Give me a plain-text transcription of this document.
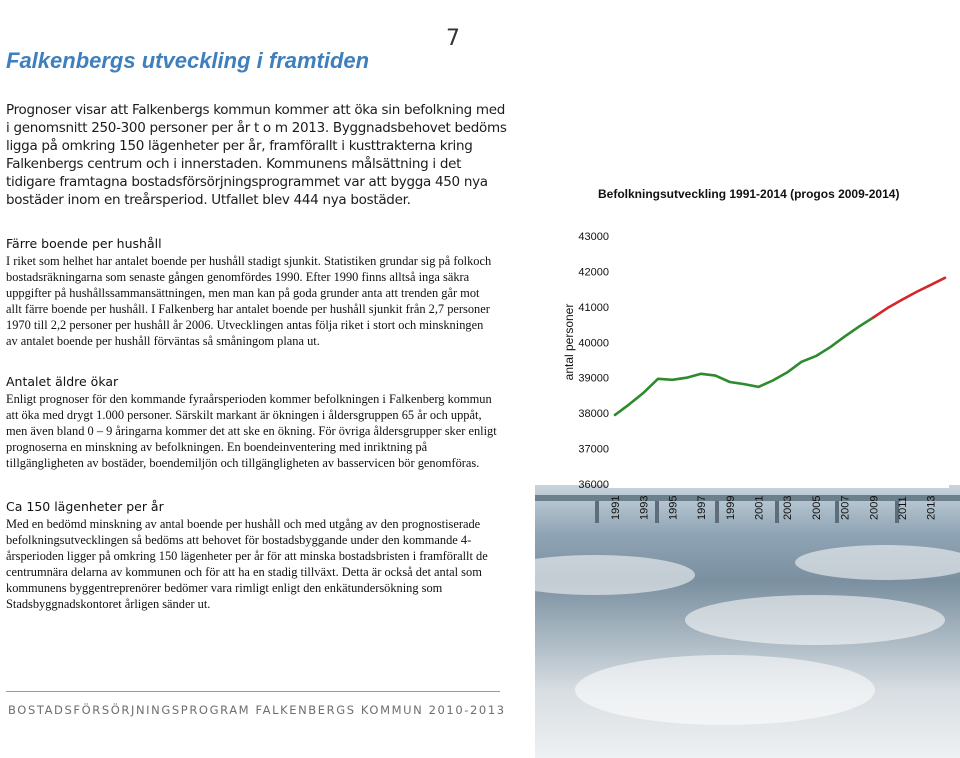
7
Falkenbergs utveckling i framtiden

Prognoser visar att Falkenbergs kommun kommer att öka sin befolkning med i genomsnitt 250-300 personer per år t o m 2013. Byggnadsbehovet bedöms ligga på omkring 150 lägenheter per år, framförallt i kusttrakterna kring Falkenbergs centrum och i innerstaden. Kommunens målsättning i det tidigare framtagna bostadsförsörjningsprogrammet var att bygga 450 nya bostäder inom en treårsperiod. Utfallet blev 444 nya bostäder.	Befolkningsutveckling 1991-2014 (progos 2009-2014)
Färre boende per hushåll

I riket som helhet har antalet boende per hushåll stadigt sjunkit. Statistiken grundar sig på folkoch bostadsräkningarna som senaste gången genomfördes 1990. Efter 1990 finns alltså inga säkra uppgifter på hushållssammansättningen, men man kan på goda grunder anta att trenden går mot allt färre boende per hushåll. I Falkenberg har antalet boende per hushåll sjunkit från 2,7 personer 1970 till 2,2 personer per hushåll år 2006. Utvecklingen antas följa riket i stort och minskningen av antalet boende per hushåll förväntas så småningom plana ut.

Antalet äldre ökar

Enligt prognoser för den kommande fyraårsperioden kommer befolkningen i Falkenberg kommun att öka med drygt 1.000 personer. Särskilt markant är ökningen i åldersgruppen 65 år och uppåt, men även bland 0 – 9 åringarna kommer det att ske en ökning. För övriga åldersgrupper sker enligt prognoserna en minskning av befolkningen. En boendeinventering med inriktning på tillgängligheten av bostäder, boendemiljön och tillgängligheten av basservicen bör genomföras.

Ca 150 lägenheter per år

Med en bedömd minskning av antal boende per hushåll och med utgång av den prognostiserade befolkningsutvecklingen så bedöms att behovet för bostadsbyggande under den kommande 4-årsperioden ligger på omkring 150 lägenheter per år för att minska bostadsbristen i framförallt de centrumnära delarna av kommunen och för att ha en stadig tillväxt. Detta är också det antal som kommunens byggentreprenörer bedömer vara rimligt enligt den enkätundersökning som Stadsbyggnadskontoret årligen sänder ut.

36000
37000
38000
39000
40000
41000
42000
43000
1991 1993 1995 1997 1999 2001 2003 2005 2007 2009 2011 2013
antal personer
BOSTADSFÖRSÖRJNINGSPROGRAM FALKENBERGS KOMMUN 2010-2013
